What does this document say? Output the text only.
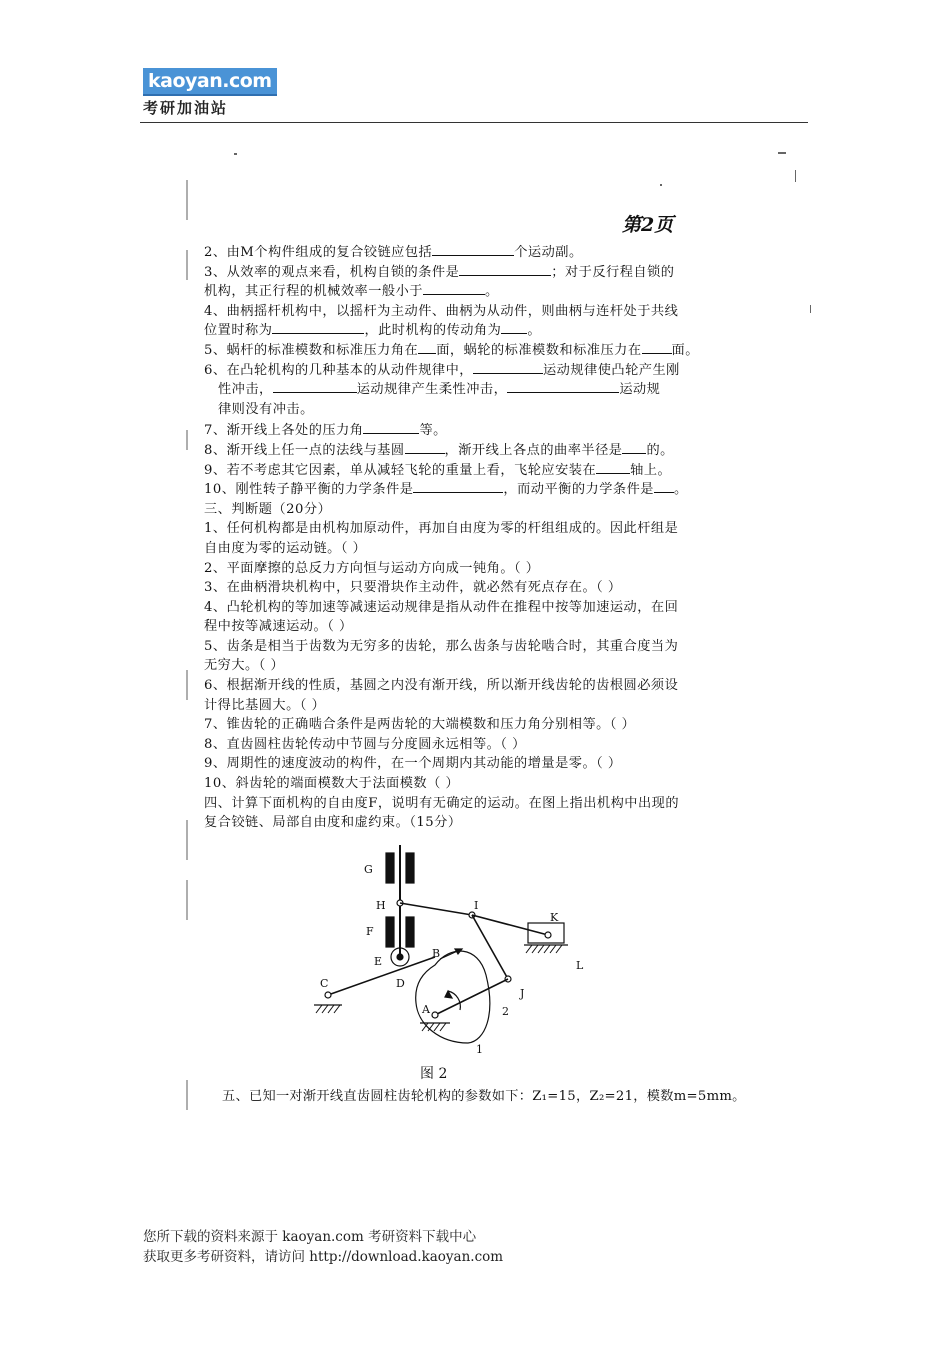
kaoyan.com
考研加油站
第2页

2、由M个构件组成的复合铰链应包括	个运动副。

3、从效率的观点来看，机构自锁的条件是	；对于反行程自锁的

机构，其正行程的机械效率一般小于	。

4、曲柄摇杆机构中，以摇杆为主动件、曲柄为从动件，则曲柄与连杆处于共线

位置时称为	，此时机构的传动角为 。

5、蜗杆的标准模数和标准压力角在 面，蜗轮的标准模数和标准压力在 面。

6、在凸轮机构的几种基本的从动件规律中，	运动规律使凸轮产生刚

性冲击，	运动规律产生柔性冲击，	运动规

律则没有冲击。

7、渐开线上各处的压力角	等。

8、渐开线上任一点的法线与基圆	，渐开线上各点的曲率半径是 的。

9、若不考虑其它因素，单从减轻飞轮的重量上看，飞轮应安装在	轴上。

10、刚性转子静平衡的力学条件是	，而动平衡的力学条件是 。

三、判断题（20分）

1、任何机构都是由机构加原动件，再加自由度为零的杆组组成的。因此杆组是

自由度为零的运动链。（ ）

2、平面摩擦的总反力方向恒与运动方向成一钝角。（ ）

3、在曲柄滑块机构中，只要滑块作主动件，就必然有死点存在。（ ）

4、凸轮机构的等加速等减速运动规律是指从动件在推程中按等加速运动，在回

程中按等减速运动。（ ）

5、齿条是相当于齿数为无穷多的齿轮，那么齿条与齿轮啮合时，其重合度当为

无穷大。（ ）

6、根据渐开线的性质，基圆之内没有渐开线，所以渐开线齿轮的齿根圆必须设

计得比基圆大。（ ）

7、锥齿轮的正确啮合条件是两齿轮的大端模数和压力角分别相等。（ ）

8、直齿圆柱齿轮传动中节圆与分度圆永远相等。（ ）

9、周期性的速度波动的构件，在一个周期内其动能的增量是零。（ ）

10、斜齿轮的端面模数大于法面模数（ ）

四、计算下面机构的自由度F，说明有无确定的运动。在图上指出机构中出现的

复合铰链、局部自由度和虚约束。（15分）

G
H
F
E
D
C
B
I
K
L
J
A	2
1
图 2
五、已知一对渐开线直齿圆柱齿轮机构的参数如下：Z₁=15，Z₂=21，模数m=5mm。
您所下载的资料来源于 kaoyan.com 考研资料下载中心
获取更多考研资料，请访问 http://download.kaoyan.com
